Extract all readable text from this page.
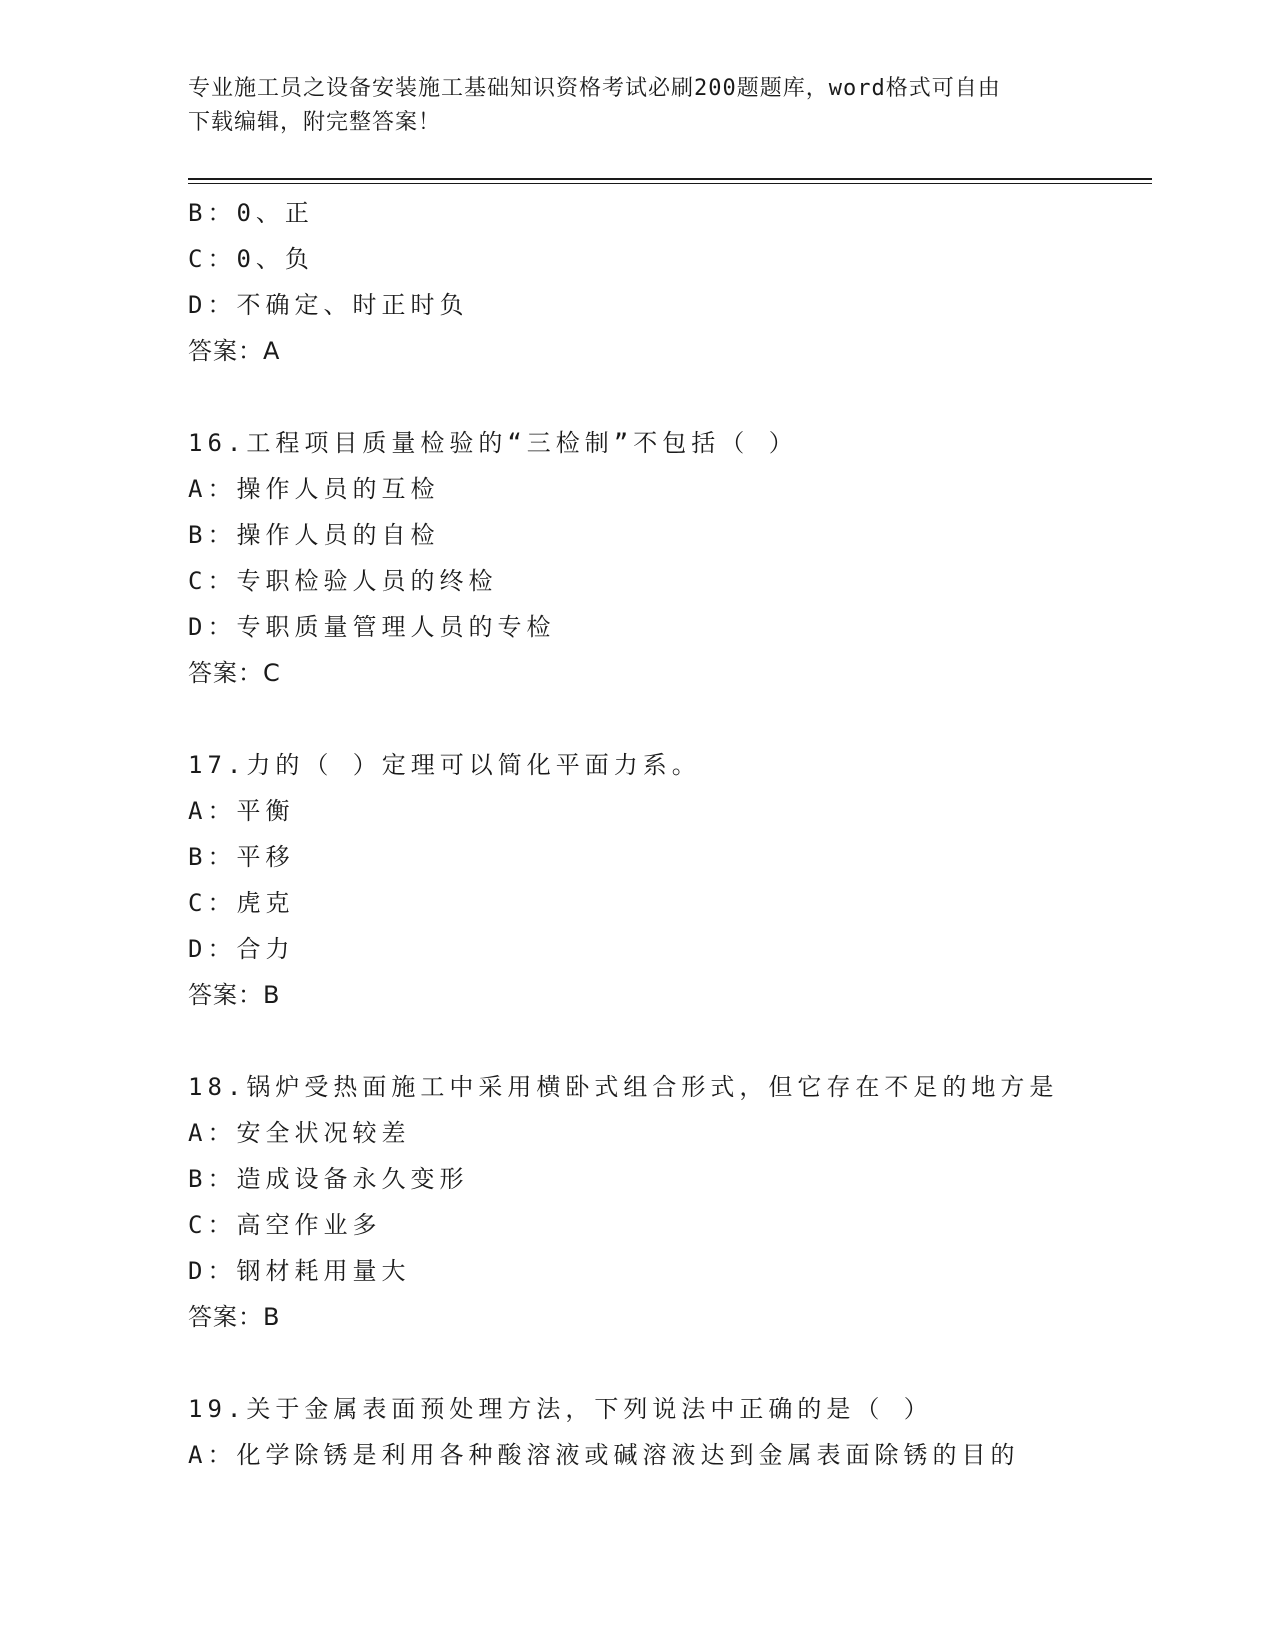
专业施工员之设备安装施工基础知识资格考试必刷200题题库，word格式可自由
下载编辑，附完整答案！
B：0、正
C：0、负
D：不确定、时正时负
答案：A
16.工程项目质量检验的“三检制”不包括（ ）
A：操作人员的互检
B：操作人员的自检
C：专职检验人员的终检
D：专职质量管理人员的专检
答案：C
17.力的（ ）定理可以简化平面力系。
A：平衡
B：平移
C：虎克
D：合力
答案：B
18.锅炉受热面施工中采用横卧式组合形式，但它存在不足的地方是
A：安全状况较差
B：造成设备永久变形
C：高空作业多
D：钢材耗用量大
答案：B
19.关于金属表面预处理方法，下列说法中正确的是（ ）
A：化学除锈是利用各种酸溶液或碱溶液达到金属表面除锈的目的
